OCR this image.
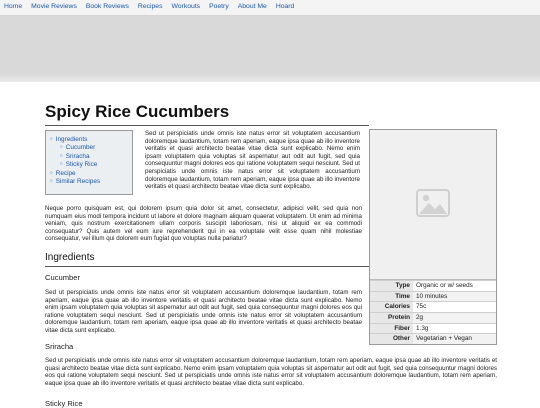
Home Movie Reviews Book Reviews Recipes Workouts Poetry About Me Hoard
Spicy Rice Cucumbers
○ Ingredients
○ Cucumber
○ Sriracha
○ Sticky Rice
○ Recipe
○ Similar Recipes

Sed ut perspiciatis unde omnis iste natus error sit voluptatem accusantium doloremque laudantium, totam rem aperiam, eaque ipsa quae ab illo inventore veritatis et quasi architecto beatae vitae dicta sunt explicabo. Nemo enim ipsam voluptatem quia voluptas sit aspernatur aut odit aut fugit, sed quia consequuntur magni dolores eos qui ratione voluptatem sequi nesciunt. Sed ut perspiciatis unde omnis iste natus error sit voluptatem accusantium doloremque laudantium, totam rem aperiam, eaque ipsa quae ab illo inventore veritatis et quasi architecto beatae vitae dicta sunt explicabo.

Neque porro quisquam est, qui dolorem ipsum quia dolor sit amet, consectetur, adipisci velit, sed quia non numquam eius modi tempora incidunt ut labore et dolore magnam aliquam quaerat voluptatem. Ut enim ad minima veniam, quis nostrum exercitationem ullam corporis suscipit laboriosam, nisi ut aliquid ex ea commodi consequatur? Quis autem vel eum iure reprehenderit qui in ea voluptate velit esse quam nihil molestiae consequatur, vel illum qui dolorem eum fugiat quo voluptas nulla pariatur?

Ingredients
Cucumber

Sed ut perspiciatis unde omnis iste natus error sit voluptatem accusantium doloremque laudantium, totam rem aperiam, eaque ipsa quae ab illo inventore veritatis et quasi architecto beatae vitae dicta sunt explicabo. Nemo enim ipsam voluptatem quia voluptas sit aspernatur aut odit aut fugit, sed quia consequuntur magni dolores eos qui ratione voluptatem sequi nesciunt. Sed ut perspiciatis unde omnis iste natus error sit voluptatem accusantium doloremque laudantium, totam rem aperiam, eaque ipsa quae ab illo inventore veritatis et quasi architecto beatae vitae dicta sunt explicabo.

Sriracha

Sed ut perspiciatis unde omnis iste natus error sit voluptatem accusantium doloremque laudantium, totam rem aperiam, eaque ipsa quae ab illo inventore veritatis et quasi architecto beatae vitae dicta sunt explicabo. Nemo enim ipsam voluptatem quia voluptas sit aspernatur aut odit aut fugit, sed quia consequuntur magni dolores eos qui ratione voluptatem sequi nesciunt. Sed ut perspiciatis unde omnis iste natus error sit voluptatem accusantium doloremque laudantium, totam rem aperiam, eaque ipsa quae ab illo inventore veritatis et quasi architecto beatae vitae dicta sunt explicabo.

Sticky Rice
Type	Organic or w/ seeds
Time	10 minutes
Calories	75c
Protein	2g
Fiber	1.3g
Other	Vegetarian + Vegan
